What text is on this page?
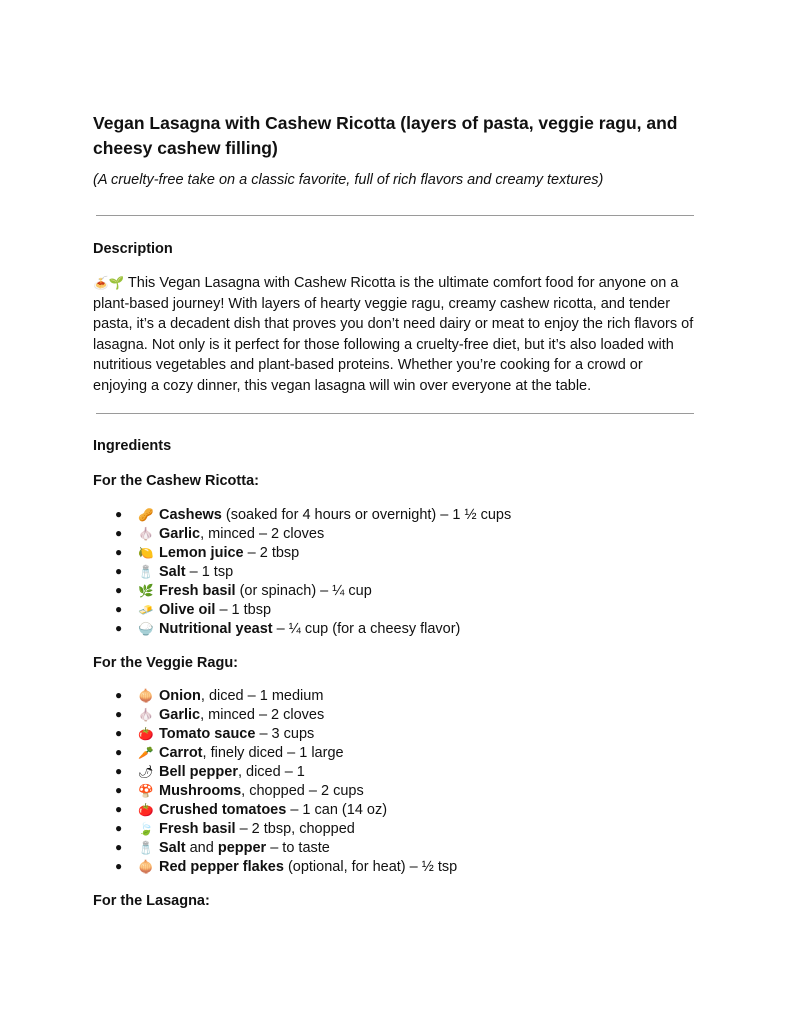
Vegan Lasagna with Cashew Ricotta (layers of pasta, veggie ragu, and cheesy cashew filling)

(A cruelty-free take on a classic favorite, full of rich flavors and creamy textures)

Description

🍝🌱 This Vegan Lasagna with Cashew Ricotta is the ultimate comfort food for anyone on a plant-based journey! With layers of hearty veggie ragu, creamy cashew ricotta, and tender pasta, it’s a decadent dish that proves you don’t need dairy or meat to enjoy the rich flavors of lasagna. Not only is it perfect for those following a cruelty-free diet, but it’s also loaded with nutritious vegetables and plant-based proteins. Whether you’re cooking for a crowd or enjoying a cozy dinner, this vegan lasagna will win over everyone at the table.

Ingredients
For the Cashew Ricotta:
● 🥜 Cashews (soaked for 4 hours or overnight) – 1 ½ cups
● 🧄 Garlic, minced – 2 cloves
● 🍋 Lemon juice – 2 tbsp
● 🧂 Salt – 1 tsp
● 🌿 Fresh basil (or spinach) – ¼ cup
● 🧈 Olive oil – 1 tbsp
● 🍚 Nutritional yeast – ¼ cup (for a cheesy flavor)
For the Veggie Ragu:
● 🧅 Onion, diced – 1 medium
● 🧄 Garlic, minced – 2 cloves
● 🍅 Tomato sauce – 3 cups
● 🥕 Carrot, finely diced – 1 large
● 🌶 Bell pepper, diced – 1
● 🍄 Mushrooms, chopped – 2 cups
● 🍅 Crushed tomatoes – 1 can (14 oz)
● 🍃 Fresh basil – 2 tbsp, chopped
● 🧂 Salt and pepper – to taste
● 🧅 Red pepper flakes (optional, for heat) – ½ tsp
For the Lasagna:
